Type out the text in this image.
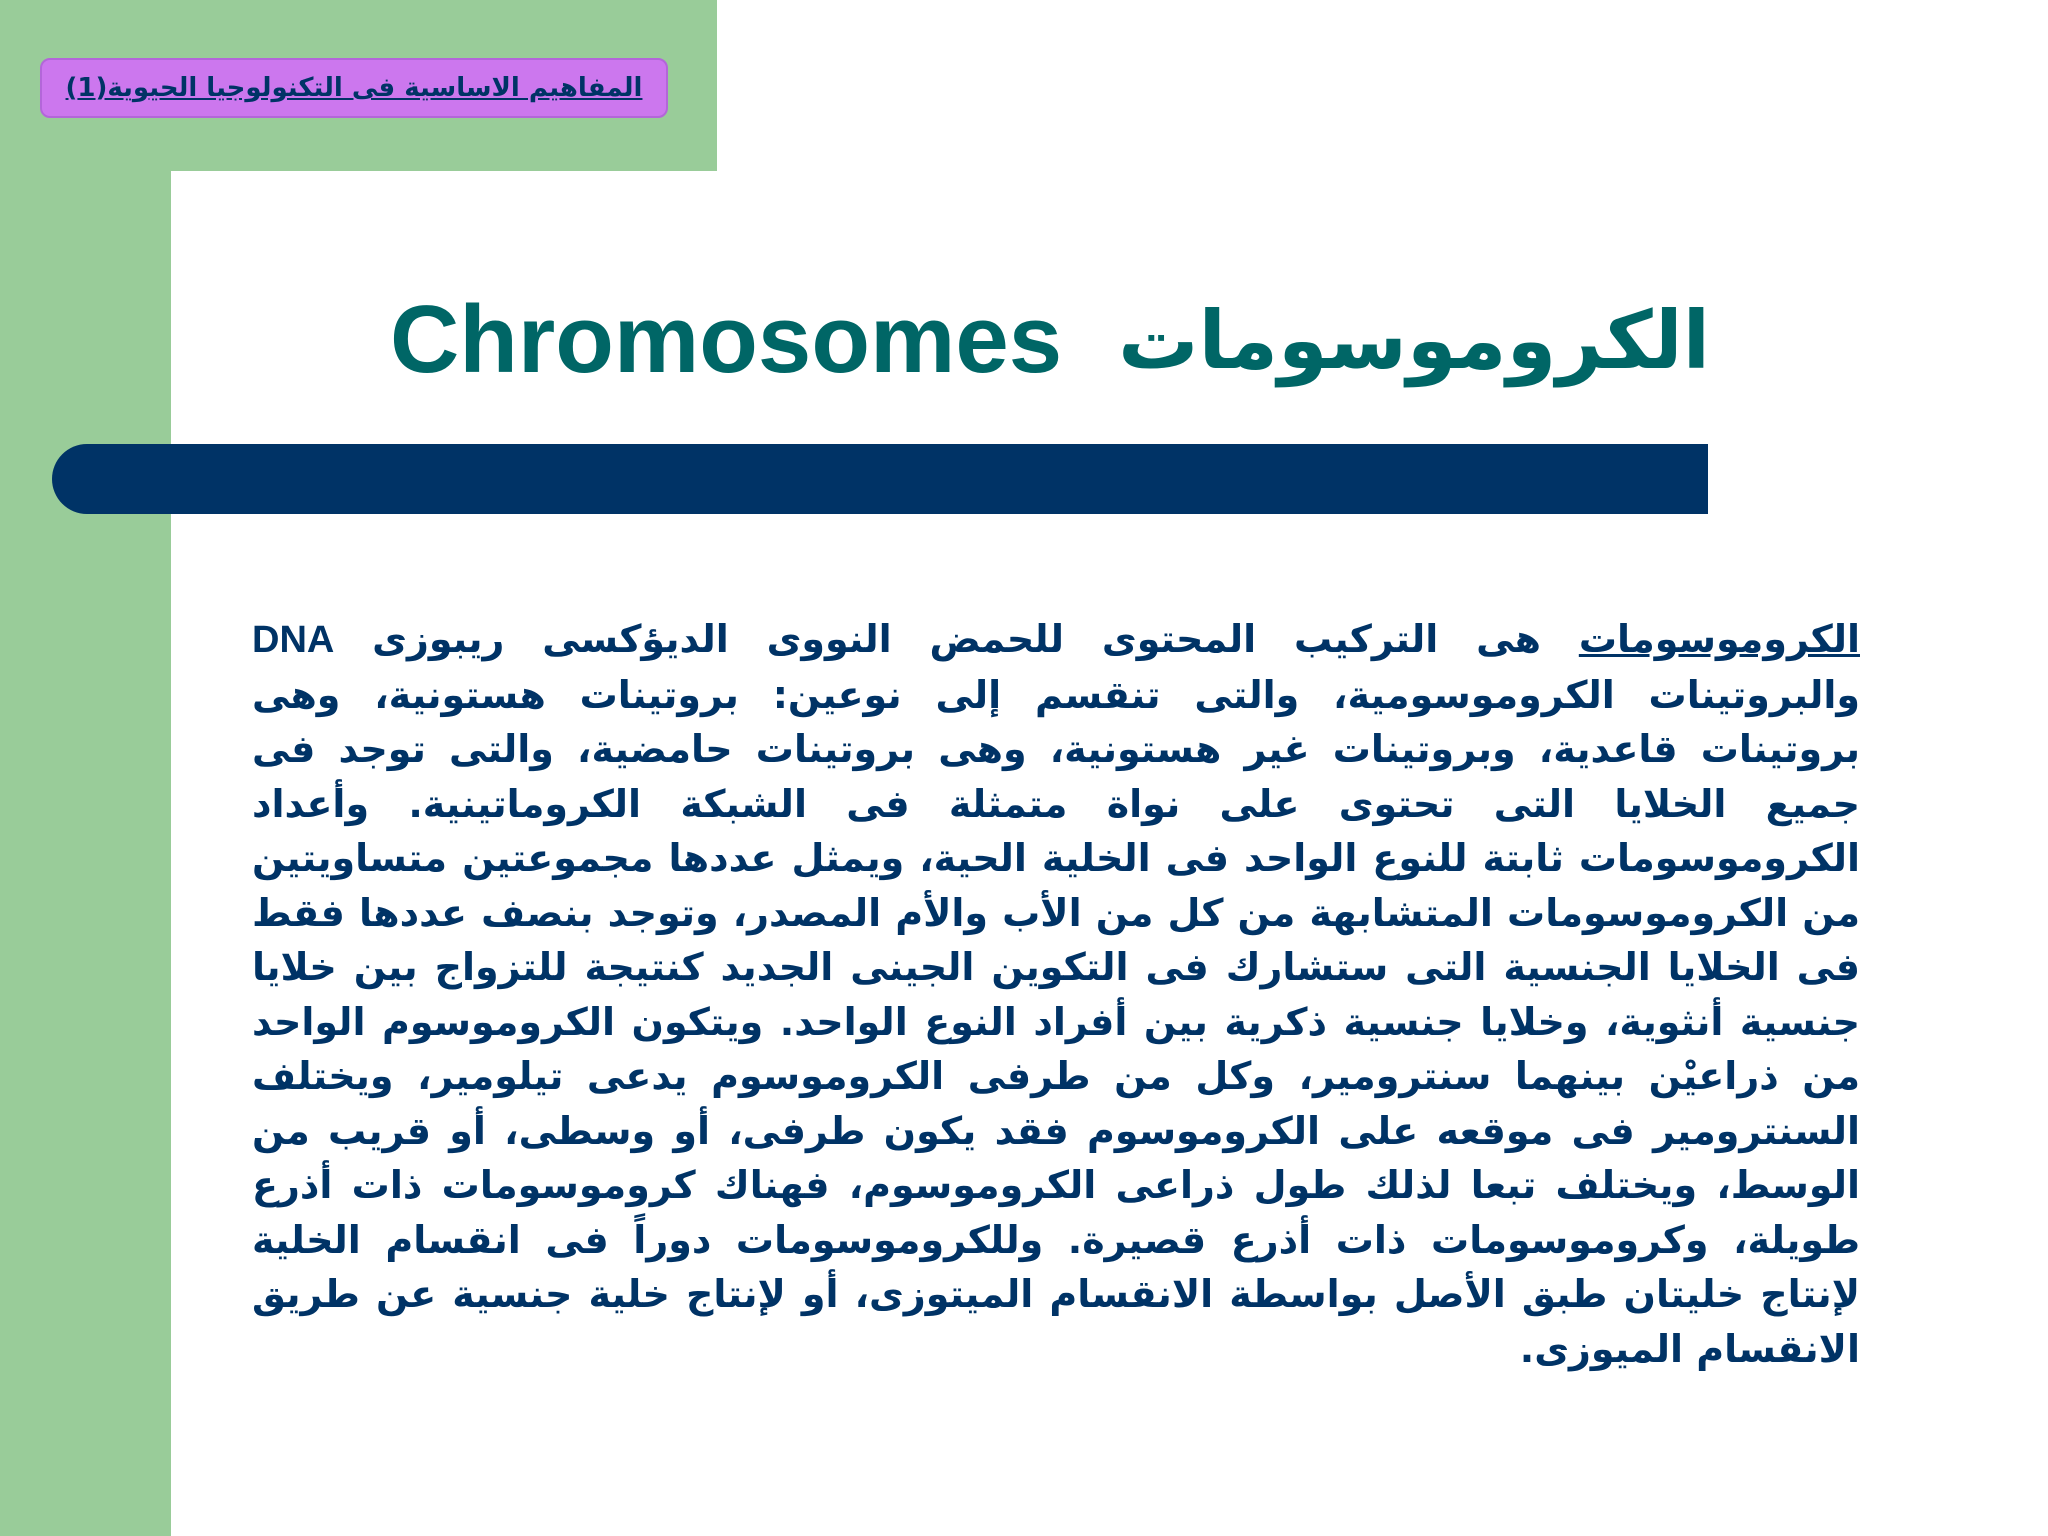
المفاهيم الاساسية فى التكنولوجيا الحيوية(1)
Chromosomes الكروموسومات
الكروموسومات هى التركيب المحتوى للحمض النووى الديؤكسى ريبوزى DNA والبروتينات الكروموسومية، والتى تنقسم إلى نوعين: بروتينات هستونية، وهى بروتينات قاعدية، وبروتينات غير هستونية، وهى بروتينات حامضية، والتى توجد فى جميع الخلايا التى تحتوى على نواة متمثلة فى الشبكة الكروماتينية. وأعداد الكروموسومات ثابتة للنوع الواحد فى الخلية الحية، ويمثل عددها مجموعتين متساويتين من الكروموسومات المتشابهة من كل من الأب والأم المصدر، وتوجد بنصف عددها فقط فى الخلايا الجنسية التى ستشارك فى التكوين الجينى الجديد كنتيجة للتزواج بين خلايا جنسية أنثوية، وخلايا جنسية ذكرية بين أفراد النوع الواحد. ويتكون الكروموسوم الواحد من ذراعيْن بينهما سنترومير، وكل من طرفى الكروموسوم يدعى تيلومير، ويختلف السنترومير فى موقعه على الكروموسوم فقد يكون طرفى، أو وسطى، أو قريب من الوسط، ويختلف تبعا لذلك طول ذراعى الكروموسوم، فهناك كروموسومات ذات أذرع طويلة، وكروموسومات ذات أذرع قصيرة. وللكروموسومات دوراً فى انقسام الخلية لإنتاج خليتان طبق الأصل بواسطة الانقسام الميتوزى، أو لإنتاج خلية جنسية عن طريق الانقسام الميوزى.
